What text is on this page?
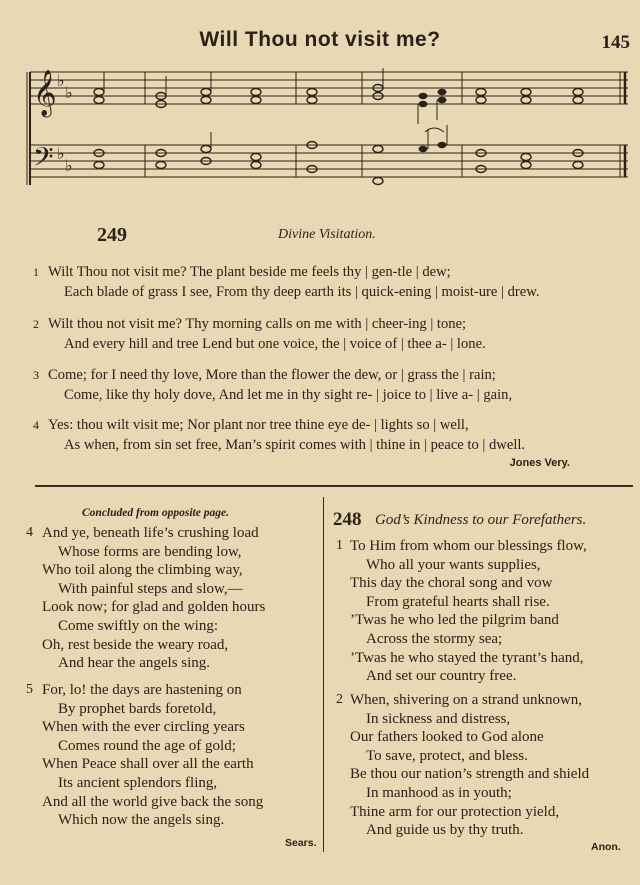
Will Thou not visit me?	145
𝄞
𝄢
♭
♭
♭
♭
249	Divine Visitation.
1 Wilt Thou not visit me? The plant beside me feels thy | gen-tle | dew;
Each blade of grass I see, From thy deep earth its | quick-ening | moist-ure | drew.
2 Wilt thou not visit me? Thy morning calls on me with | cheer-ing | tone;
And every hill and tree Lend but one voice, the | voice of | thee a- | lone.
3 Come; for I need thy love, More than the flower the dew, or | grass the | rain;
Come, like thy holy dove, And let me in thy sight re- | joice to | live a- | gain,
4 Yes: thou wilt visit me; Nor plant nor tree thine eye de- | lights so | well,
As when, from sin set free, Man’s spirit comes with | thine in | peace to | dwell.
Jones Very.
Concluded from opposite page.
4 And ye, beneath life’s crushing load
Whose forms are bending low,
Who toil along the climbing way,
With painful steps and slow,—
Look now; for glad and golden hours
Come swiftly on the wing:
Oh, rest beside the weary road,
And hear the angels sing.
5 For, lo! the days are hastening on
By prophet bards foretold,
When with the ever circling years
Comes round the age of gold;
When Peace shall over all the earth
Its ancient splendors fling,
And all the world give back the song
Which now the angels sing.
Sears.
248 God’s Kindness to our Forefathers.
1 To Him from whom our blessings flow,
Who all your wants supplies,
This day the choral song and vow
From grateful hearts shall rise.
’Twas he who led the pilgrim band
Across the stormy sea;
’Twas he who stayed the tyrant’s hand,
And set our country free.
2 When, shivering on a strand unknown,
In sickness and distress,
Our fathers looked to God alone
To save, protect, and bless.
Be thou our nation’s strength and shield
In manhood as in youth;
Thine arm for our protection yield,
And guide us by thy truth.
Anon.
